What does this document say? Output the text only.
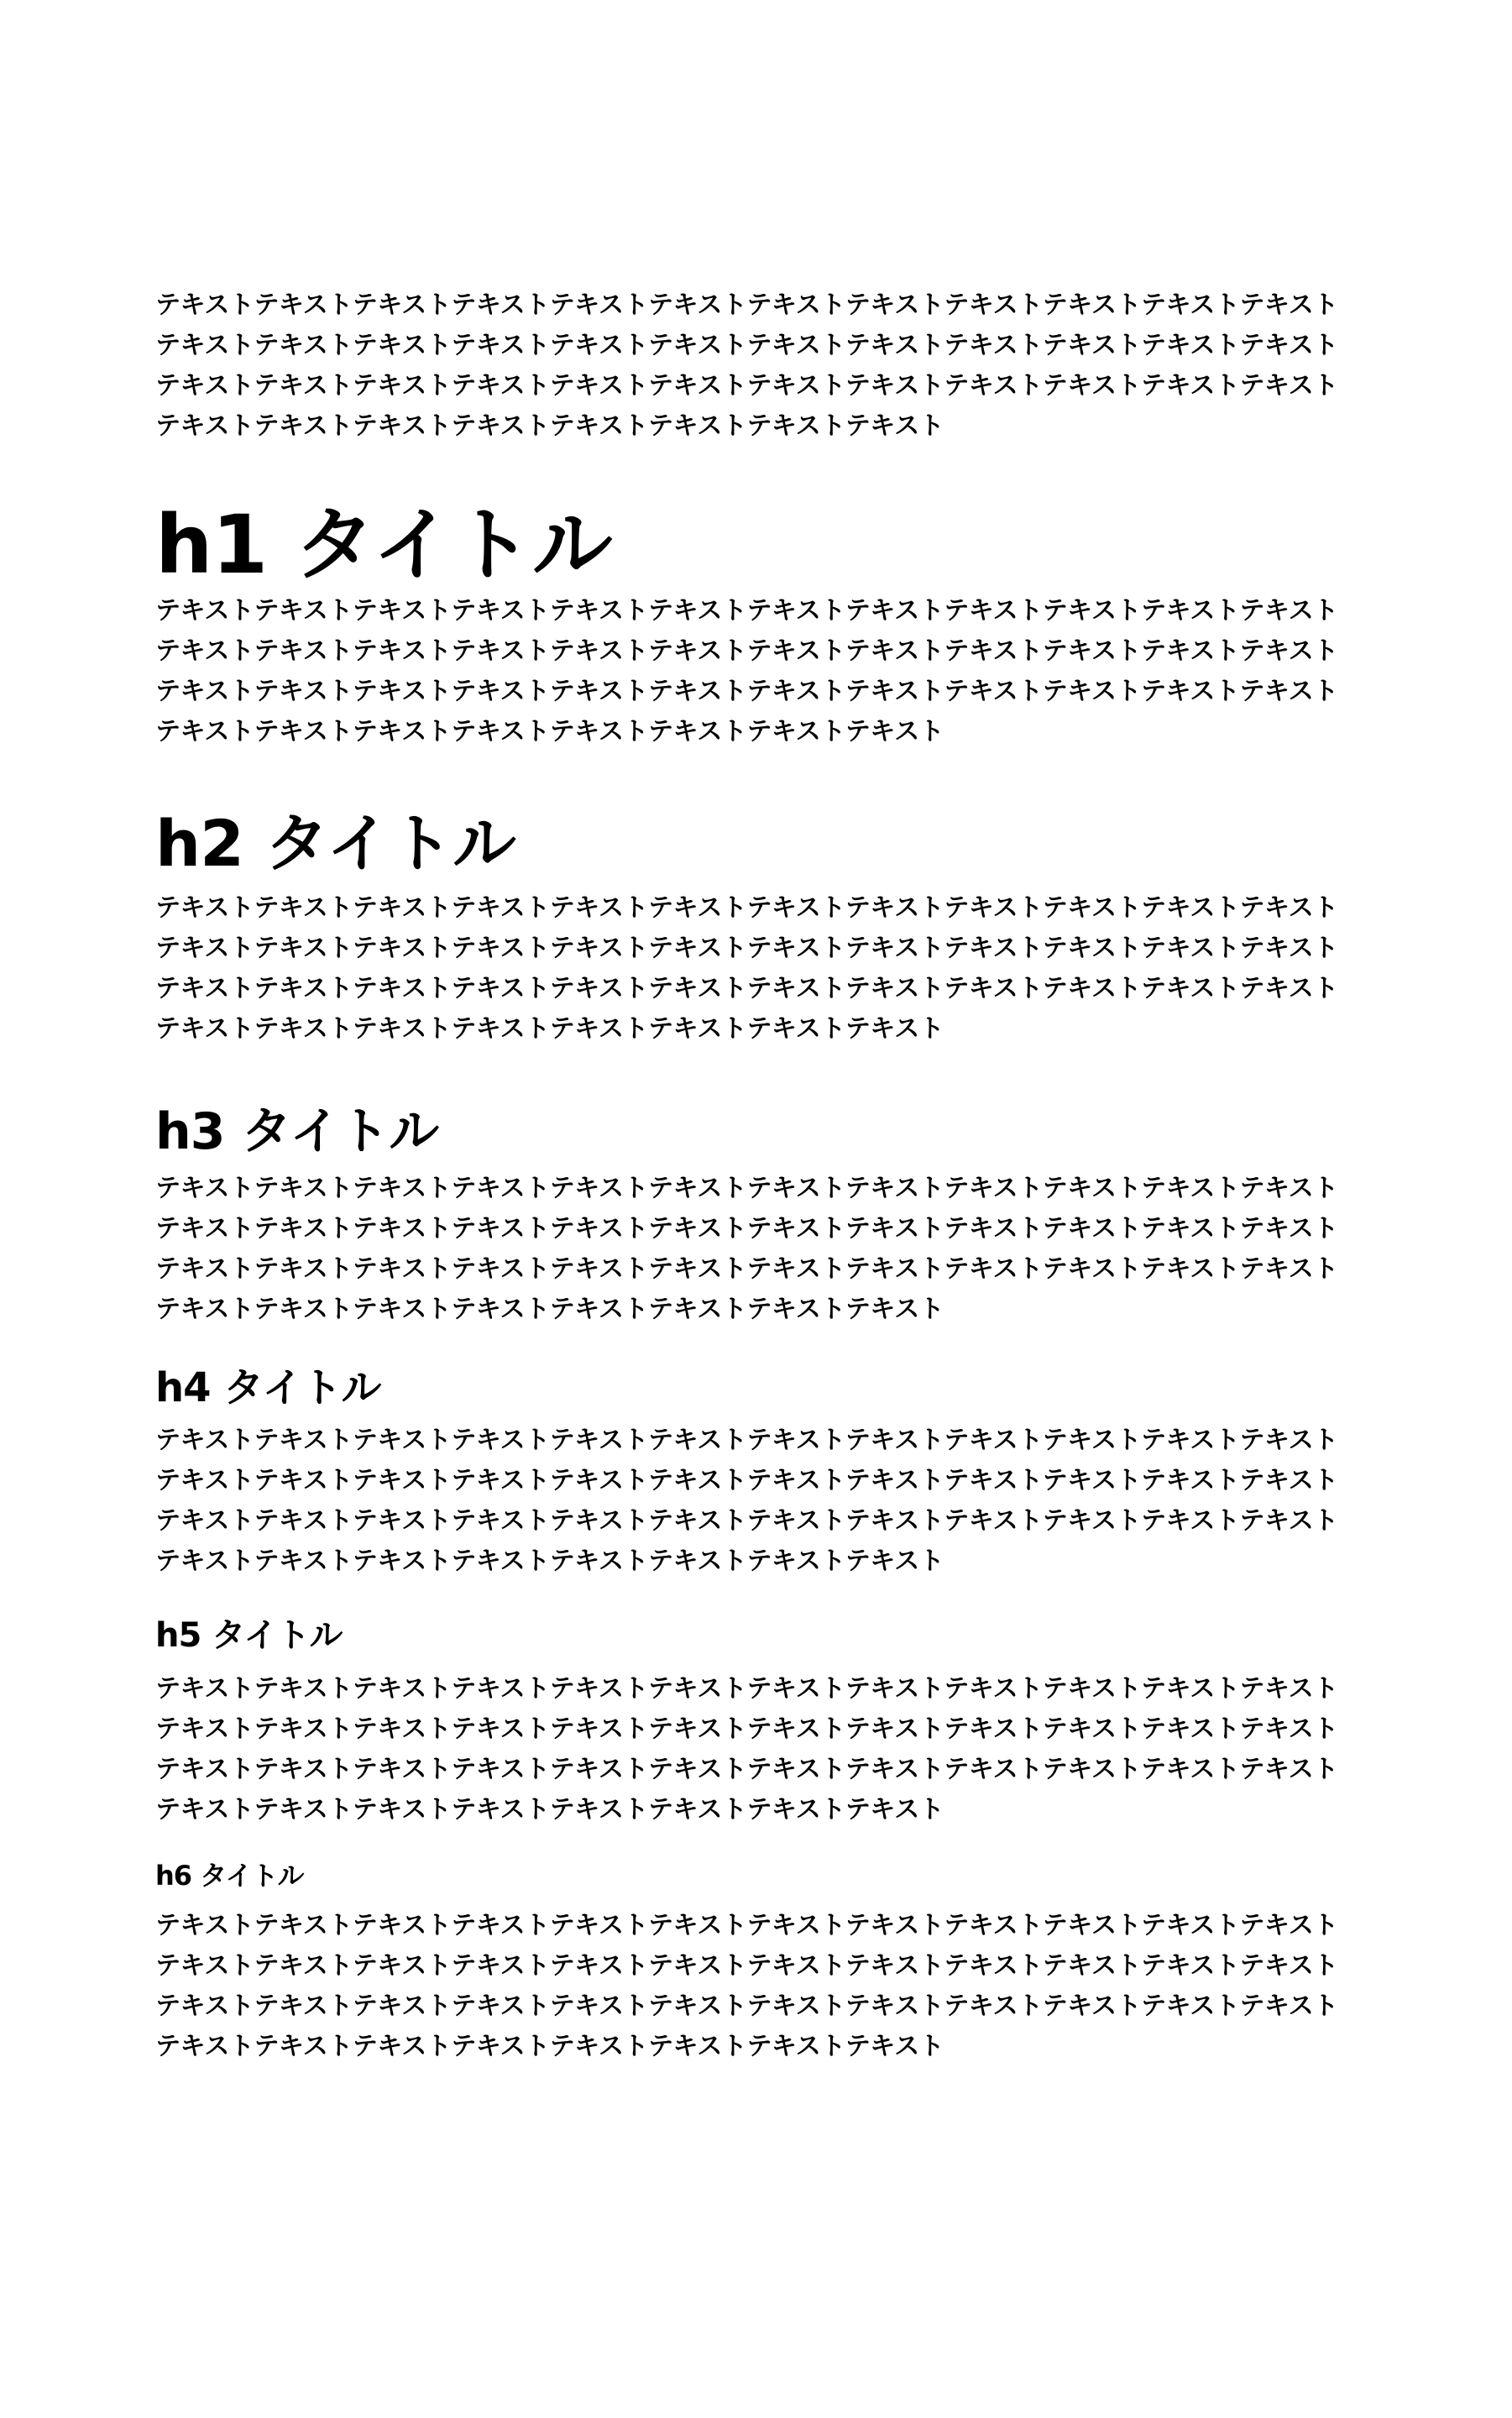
テキストテキストテキストテキストテキストテキストテキストテキストテキストテキストテキストテキストテキストテキストテキストテキストテキストテキストテキストテキストテキストテキストテキストテキストテキストテキストテキストテキストテキストテキストテキストテキストテキストテキストテキストテキストテキストテキストテキストテキストテキストテキストテキストテキスト

h1 タイトル

テキストテキストテキストテキストテキストテキストテキストテキストテキストテキストテキストテキストテキストテキストテキストテキストテキストテキストテキストテキストテキストテキストテキストテキストテキストテキストテキストテキストテキストテキストテキストテキストテキストテキストテキストテキストテキストテキストテキストテキストテキストテキストテキストテキスト

h2 タイトル

テキストテキストテキストテキストテキストテキストテキストテキストテキストテキストテキストテキストテキストテキストテキストテキストテキストテキストテキストテキストテキストテキストテキストテキストテキストテキストテキストテキストテキストテキストテキストテキストテキストテキストテキストテキストテキストテキストテキストテキストテキストテキストテキストテキスト

h3 タイトル

テキストテキストテキストテキストテキストテキストテキストテキストテキストテキストテキストテキストテキストテキストテキストテキストテキストテキストテキストテキストテキストテキストテキストテキストテキストテキストテキストテキストテキストテキストテキストテキストテキストテキストテキストテキストテキストテキストテキストテキストテキストテキストテキストテキスト

h4 タイトル

テキストテキストテキストテキストテキストテキストテキストテキストテキストテキストテキストテキストテキストテキストテキストテキストテキストテキストテキストテキストテキストテキストテキストテキストテキストテキストテキストテキストテキストテキストテキストテキストテキストテキストテキストテキストテキストテキストテキストテキストテキストテキストテキストテキスト

h5 タイトル

テキストテキストテキストテキストテキストテキストテキストテキストテキストテキストテキストテキストテキストテキストテキストテキストテキストテキストテキストテキストテキストテキストテキストテキストテキストテキストテキストテキストテキストテキストテキストテキストテキストテキストテキストテキストテキストテキストテキストテキストテキストテキストテキストテキスト

h6 タイトル

テキストテキストテキストテキストテキストテキストテキストテキストテキストテキストテキストテキストテキストテキストテキストテキストテキストテキストテキストテキストテキストテキストテキストテキストテキストテキストテキストテキストテキストテキストテキストテキストテキストテキストテキストテキストテキストテキストテキストテキストテキストテキストテキストテキスト
